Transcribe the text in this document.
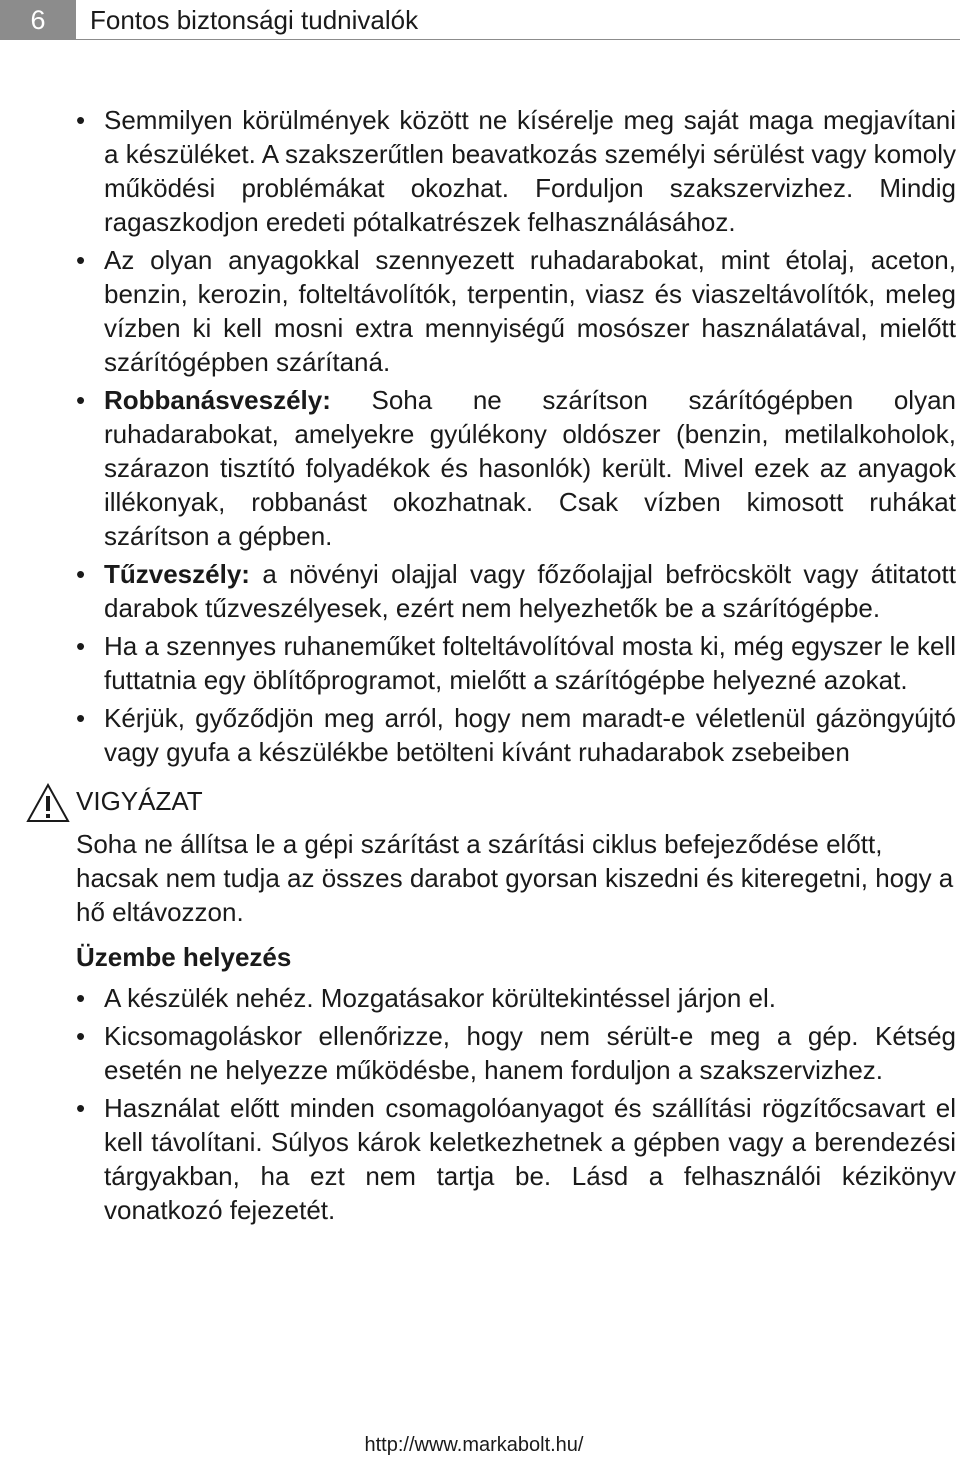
6	Fontos biztonsági tudnivalók
• Semmilyen körülmények között ne kísérelje meg saját maga megjavítani a készüléket. A szakszerűtlen beavatkozás személyi sérülést vagy komoly működési problémákat okozhat. Forduljon szakszervizhez. Mindig ragaszkodjon eredeti pótalkatrészek felhasználásához.
• Az olyan anyagokkal szennyezett ruhadarabokat, mint étolaj, aceton, benzin, kerozin, folteltávolítók, terpentin, viasz és viaszeltávolítók, meleg vízben ki kell mosni extra mennyiségű mosószer használatával, mielőtt szárítógépben szárítaná.
• Robbanásveszély: Soha ne szárítson szárítógépben olyan ruhadarabokat, amelyekre gyúlékony oldószer (benzin, metilalkoholok, szárazon tisztító folyadékok és hasonlók) került. Mivel ezek az anyagok illékonyak, robbanást okozhatnak. Csak vízben kimosott ruhákat szárítson a gépben.
• Tűzveszély: a növényi olajjal vagy főzőolajjal befröcskölt vagy átitatott darabok tűzveszélyesek, ezért nem helyezhetők be a szárítógépbe.
• Ha a szennyes ruhaneműket folteltávolítóval mosta ki, még egyszer le kell futtatnia egy öblítőprogramot, mielőtt a szárítógépbe helyezné azokat.
• Kérjük, győződjön meg arról, hogy nem maradt-e véletlenül gázöngyújtó vagy gyufa a készülékbe betölteni kívánt ruhadarabok zsebeiben
VIGYÁZAT

Soha ne állítsa le a gépi szárítást a szárítási ciklus befejeződése előtt, hacsak nem tudja az összes darabot gyorsan kiszedni és kiteregetni, hogy a hő eltávozzon.

Üzembe helyezés
• A készülék nehéz. Mozgatásakor körültekintéssel járjon el.
• Kicsomagoláskor ellenőrizze, hogy nem sérült-e meg a gép. Kétség esetén ne helyezze működésbe, hanem forduljon a szakszervizhez.
• Használat előtt minden csomagolóanyagot és szállítási rögzítőcsavart el kell távolítani. Súlyos károk keletkezhetnek a gépben vagy a berendezési tárgyakban, ha ezt nem tartja be. Lásd a felhasználói kézikönyv vonatkozó fejezetét.
http://www.markabolt.hu/
